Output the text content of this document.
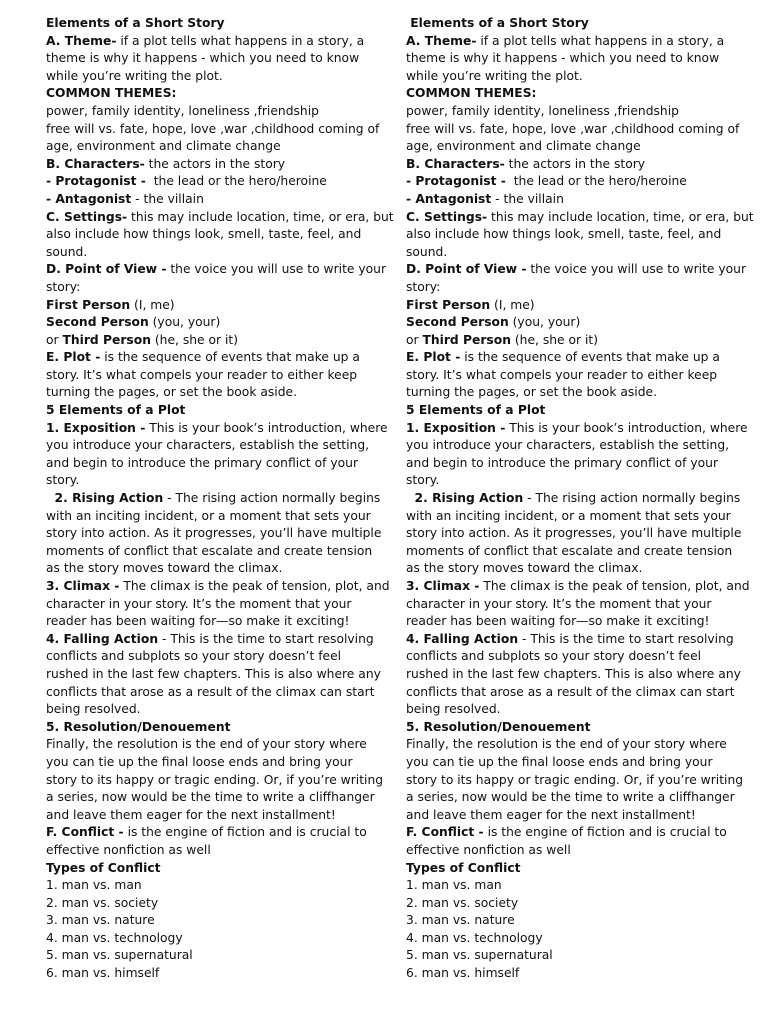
Elements of a Short Story
A. Theme- if a plot tells what happens in a story, a
theme is why it happens - which you need to know
while you’re writing the plot.
COMMON THEMES:
power, family identity, loneliness ,friendship
free will vs. fate, hope, love ,war ,childhood coming of
age, environment and climate change
B. Characters- the actors in the story
- Protagonist -  the lead or the hero/heroine
- Antagonist - the villain
C. Settings- this may include location, time, or era, but
also include how things look, smell, taste, feel, and
sound.
D. Point of View - the voice you will use to write your
story:
First Person (I, me)
Second Person (you, your)
or Third Person (he, she or it)
E. Plot - is the sequence of events that make up a
story. It’s what compels your reader to either keep
turning the pages, or set the book aside.
5 Elements of a Plot
1. Exposition - This is your book’s introduction, where
you introduce your characters, establish the setting,
and begin to introduce the primary conflict of your
story.
2. Rising Action - The rising action normally begins
with an inciting incident, or a moment that sets your
story into action. As it progresses, you’ll have multiple
moments of conflict that escalate and create tension
as the story moves toward the climax.
3. Climax - The climax is the peak of tension, plot, and
character in your story. It’s the moment that your
reader has been waiting for—so make it exciting!
4. Falling Action - This is the time to start resolving
conflicts and subplots so your story doesn’t feel
rushed in the last few chapters. This is also where any
conflicts that arose as a result of the climax can start
being resolved.
5. Resolution/Denouement
Finally, the resolution is the end of your story where
you can tie up the final loose ends and bring your
story to its happy or tragic ending. Or, if you’re writing
a series, now would be the time to write a cliffhanger
and leave them eager for the next installment!
F. Conflict - is the engine of fiction and is crucial to
effective nonfiction as well
Types of Conflict
1. man vs. man
2. man vs. society
3. man vs. nature
4. man vs. technology
5. man vs. supernatural
6. man vs. himself
Elements of a Short Story
A. Theme- if a plot tells what happens in a story, a
theme is why it happens - which you need to know
while you’re writing the plot.
COMMON THEMES:
power, family identity, loneliness ,friendship
free will vs. fate, hope, love ,war ,childhood coming of
age, environment and climate change
B. Characters- the actors in the story
- Protagonist -  the lead or the hero/heroine
- Antagonist - the villain
C. Settings- this may include location, time, or era, but
also include how things look, smell, taste, feel, and
sound.
D. Point of View - the voice you will use to write your
story:
First Person (I, me)
Second Person (you, your)
or Third Person (he, she or it)
E. Plot - is the sequence of events that make up a
story. It’s what compels your reader to either keep
turning the pages, or set the book aside.
5 Elements of a Plot
1. Exposition - This is your book’s introduction, where
you introduce your characters, establish the setting,
and begin to introduce the primary conflict of your
story.
2. Rising Action - The rising action normally begins
with an inciting incident, or a moment that sets your
story into action. As it progresses, you’ll have multiple
moments of conflict that escalate and create tension
as the story moves toward the climax.
3. Climax - The climax is the peak of tension, plot, and
character in your story. It’s the moment that your
reader has been waiting for—so make it exciting!
4. Falling Action - This is the time to start resolving
conflicts and subplots so your story doesn’t feel
rushed in the last few chapters. This is also where any
conflicts that arose as a result of the climax can start
being resolved.
5. Resolution/Denouement
Finally, the resolution is the end of your story where
you can tie up the final loose ends and bring your
story to its happy or tragic ending. Or, if you’re writing
a series, now would be the time to write a cliffhanger
and leave them eager for the next installment!
F. Conflict - is the engine of fiction and is crucial to
effective nonfiction as well
Types of Conflict
1. man vs. man
2. man vs. society
3. man vs. nature
4. man vs. technology
5. man vs. supernatural
6. man vs. himself
